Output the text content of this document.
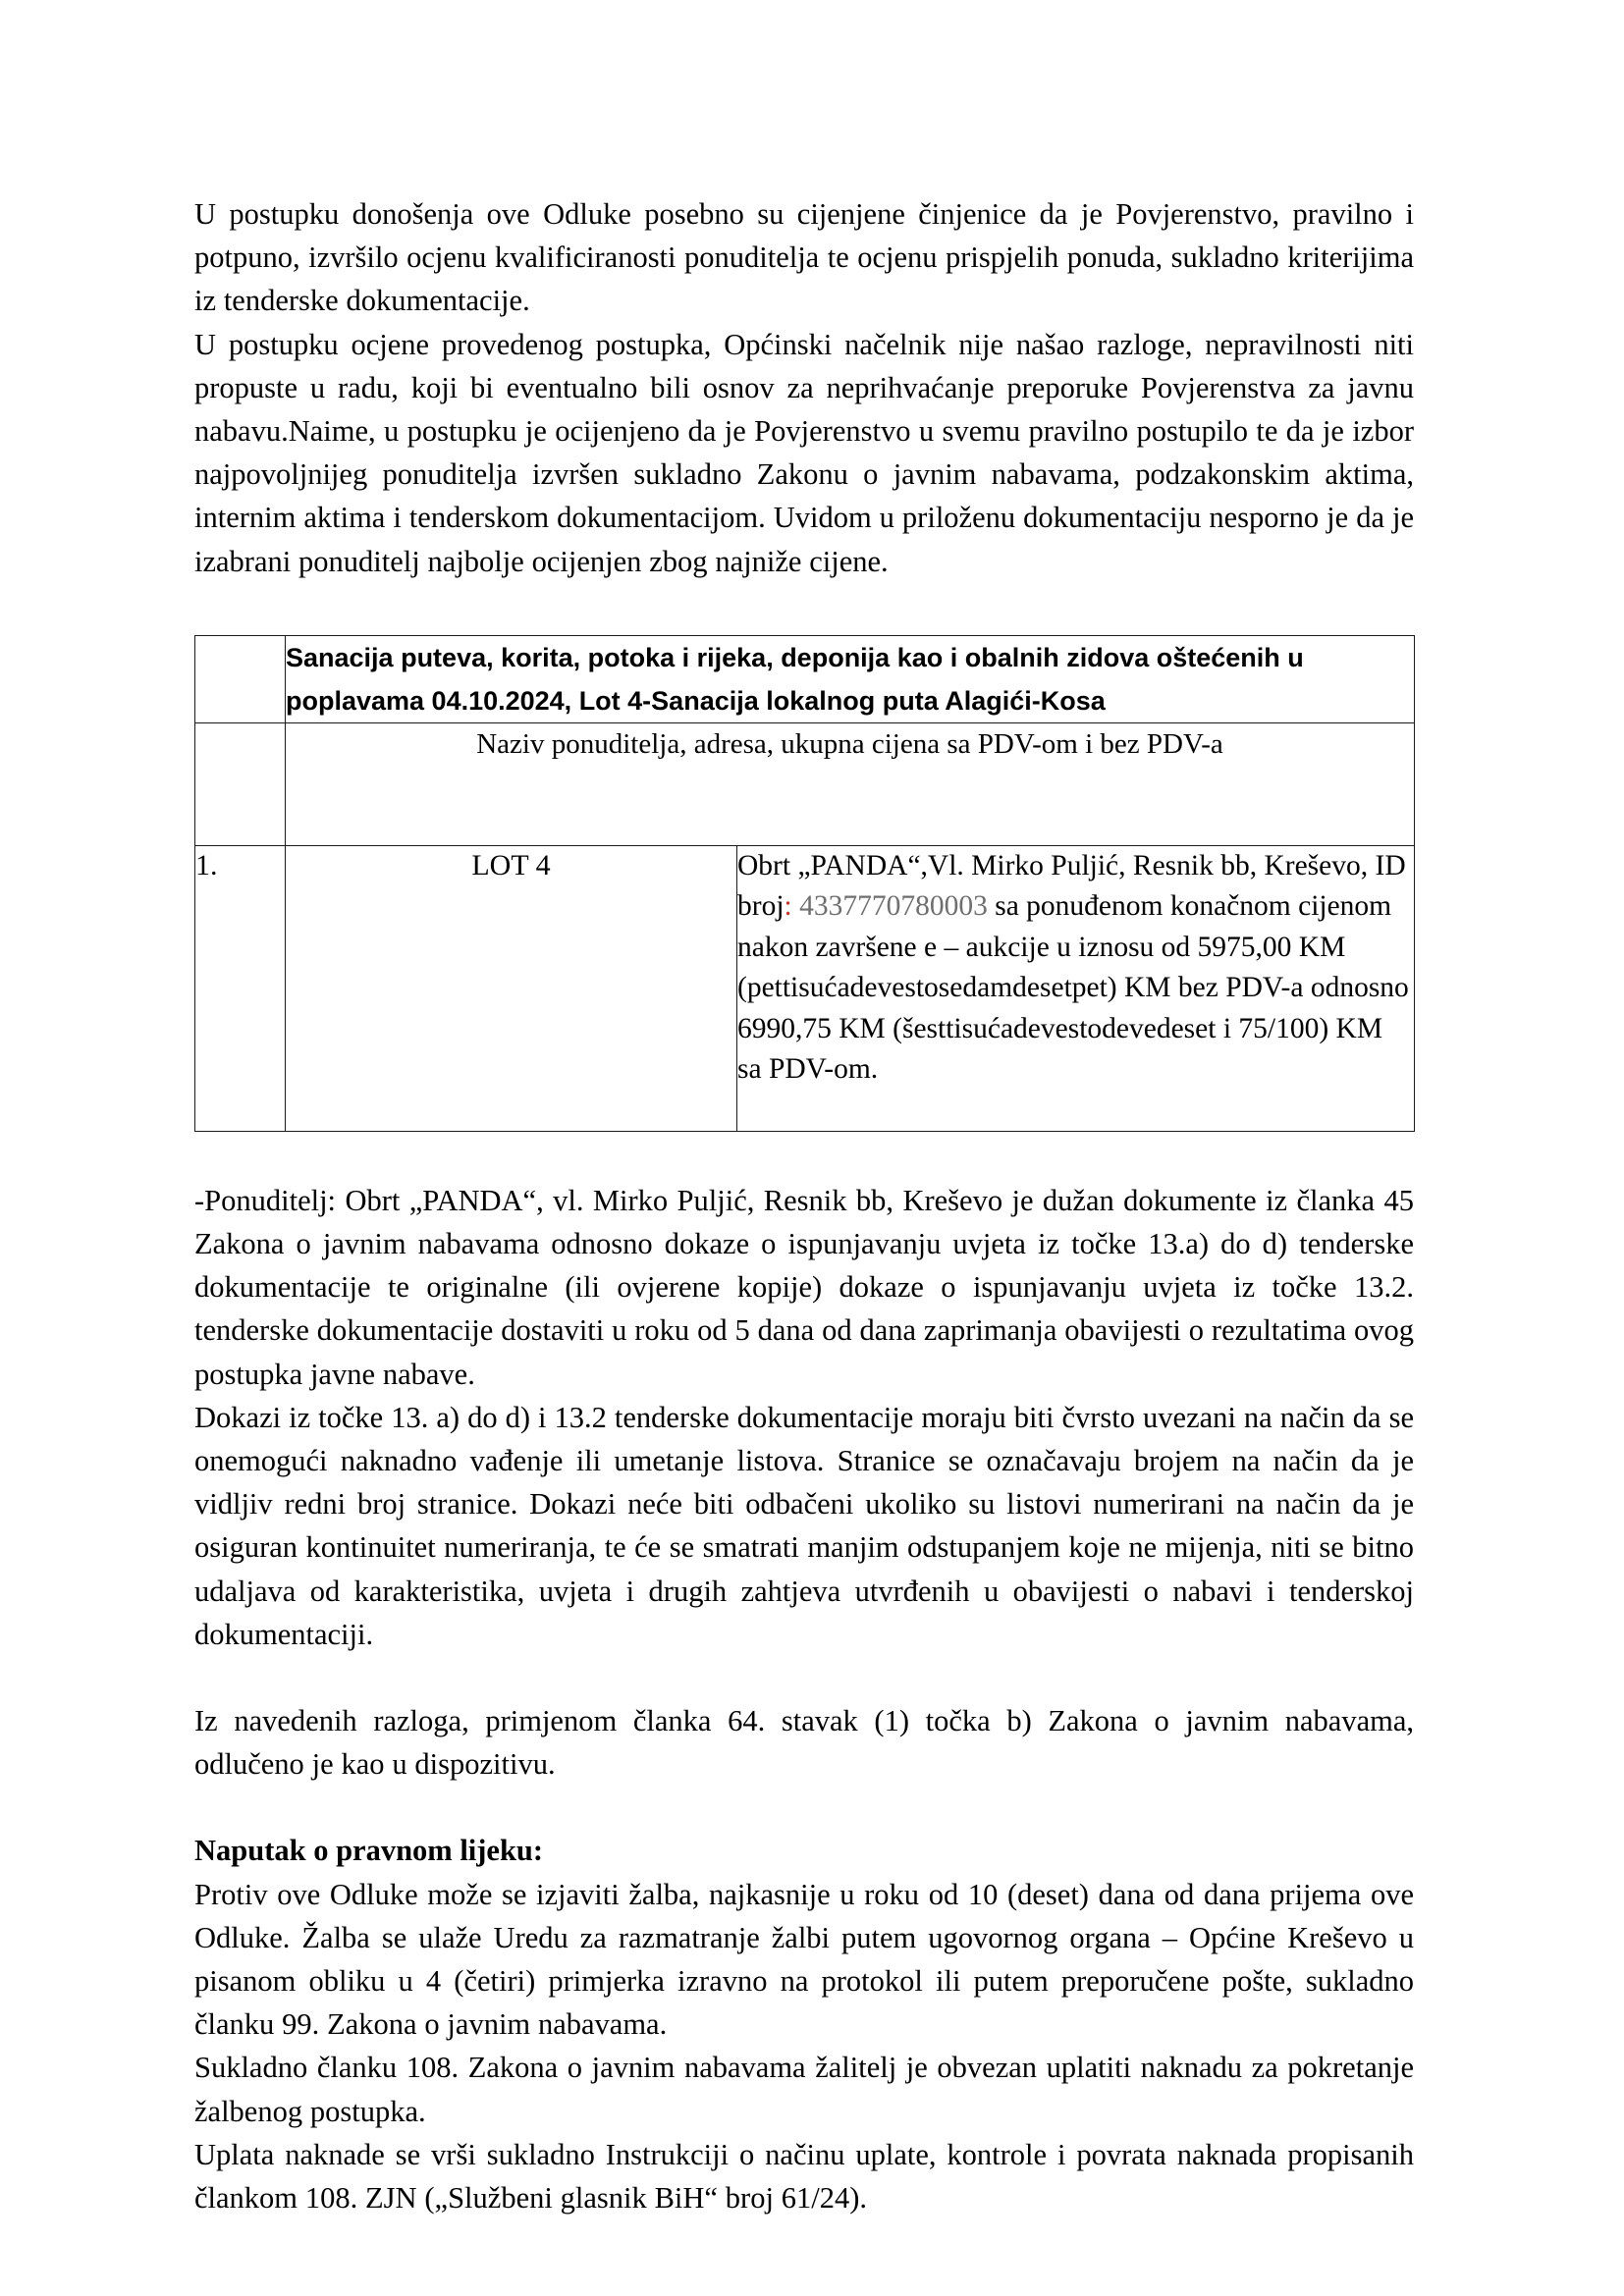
U postupku donošenja ove Odluke posebno su cijenjene činjenice da je Povjerenstvo, pravilno i potpuno, izvršilo ocjenu kvalificiranosti ponuditelja te ocjenu prispjelih ponuda, sukladno kriterijima iz tenderske dokumentacije.

U postupku ocjene provedenog postupka, Općinski načelnik nije našao razloge, nepravilnosti niti propuste u radu, koji bi eventualno bili osnov za neprihvaćanje preporuke Povjerenstva za javnu nabavu.Naime, u postupku je ocijenjeno da je Povjerenstvo u svemu pravilno postupilo te da je izbor najpovoljnijeg ponuditelja izvršen sukladno Zakonu o javnim nabavama, podzakonskim aktima, internim aktima i tenderskom dokumentacijom. Uvidom u priloženu dokumentaciju nesporno je da je izabrani ponuditelj najbolje ocijenjen zbog najniže cijene.

	Sanacija puteva, korita, potoka i rijeka, deponija kao i obalnih zidova oštećenih u poplavama 04.10.2024, Lot 4-Sanacija lokalnog puta Alagići-Kosa	
	Naziv ponuditelja, adresa, ukupna cijena sa PDV-om i bez PDV-a	
1.	LOT 4	Obrt „PANDA“,Vl. Mirko Puljić, Resnik bb, Kreševo, ID broj: 4337770780003 sa ponuđenom konačnom cijenom nakon završene e – aukcije u iznosu od 5975,00 KM (pettisućadevestosedamdesetpet) KM bez PDV-a odnosno 6990,75 KM (šesttisućadevestodevedeset i 75/100) KM sa PDV-om.

-Ponuditelj: Obrt „PANDA“, vl. Mirko Puljić, Resnik bb, Kreševo je dužan dokumente iz članka 45 Zakona o javnim nabavama odnosno dokaze o ispunjavanju uvjeta iz točke 13.a) do d) tenderske dokumentacije te originalne (ili ovjerene kopije) dokaze o ispunjavanju uvjeta iz točke 13.2. tenderske dokumentacije dostaviti u roku od 5 dana od dana zaprimanja obavijesti o rezultatima ovog postupka javne nabave.

Dokazi iz točke 13. a) do d) i 13.2 tenderske dokumentacije moraju biti čvrsto uvezani na način da se onemogući naknadno vađenje ili umetanje listova. Stranice se označavaju brojem na način da je vidljiv redni broj stranice. Dokazi neće biti odbačeni ukoliko su listovi numerirani na način da je osiguran kontinuitet numeriranja, te će se smatrati manjim odstupanjem koje ne mijenja, niti se bitno udaljava od karakteristika, uvjeta i drugih zahtjeva utvrđenih u obavijesti o nabavi i tenderskoj dokumentaciji.

Iz navedenih razloga, primjenom članka 64. stavak (1) točka b) Zakona o javnim nabavama, odlučeno je kao u dispozitivu.

Naputak o pravnom lijeku:

Protiv ove Odluke može se izjaviti žalba, najkasnije u roku od 10 (deset) dana od dana prijema ove Odluke. Žalba se ulaže Uredu za razmatranje žalbi putem ugovornog organa – Općine Kreševo u pisanom obliku u 4 (četiri) primjerka izravno na protokol ili putem preporučene pošte, sukladno članku 99. Zakona o javnim nabavama.

Sukladno članku 108. Zakona o javnim nabavama žalitelj je obvezan uplatiti naknadu za pokretanje žalbenog postupka.

Uplata naknade se vrši sukladno Instrukciji o načinu uplate, kontrole i povrata naknada propisanih člankom 108. ZJN („Službeni glasnik BiH“ broj 61/24).
